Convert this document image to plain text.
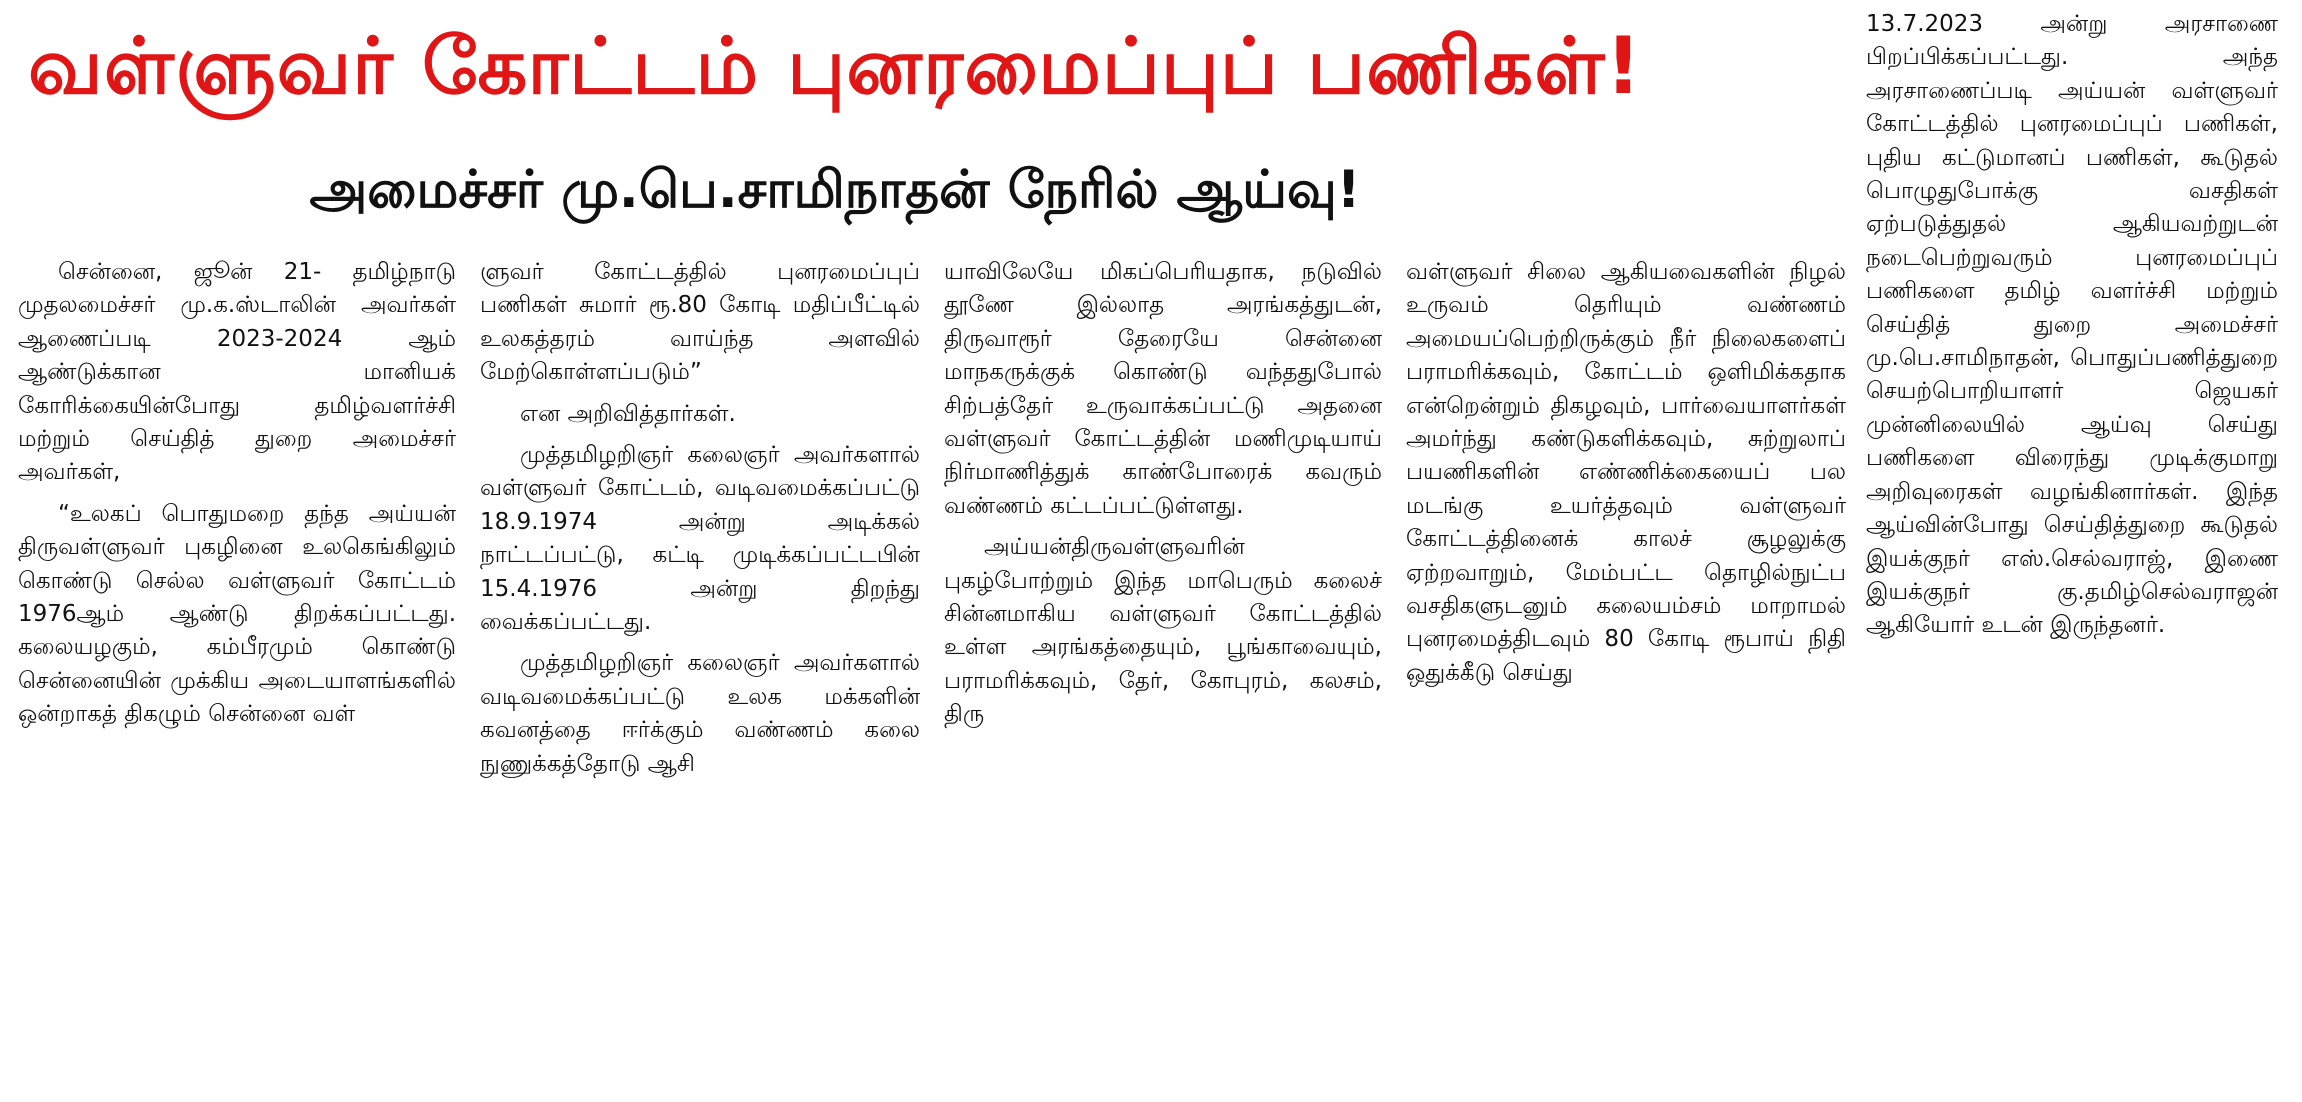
வள்ளுவர் கோட்டம் புனரமைப்புப் பணிகள்!
அமைச்சர் மு.பெ.சாமிநாதன் நேரில் ஆய்வு!

சென்னை, ஜூன் 21- தமிழ்நாடு முதலமைச்சர் மு.க.ஸ்டாலின் அவர்கள் ஆணைப்படி 2023-2024 ஆம் ஆண்டுக்கான மானியக் கோரிக்கையின்போது தமிழ்வளர்ச்சி மற்றும் செய்தித் துறை அமைச்சர் அவர்கள்,

“உலகப் பொதுமறை தந்த அய்யன் திருவள்ளுவர் புகழினை உலகெங்கிலும் கொண்டு செல்ல வள்ளுவர் கோட்டம் 1976ஆம் ஆண்டு திறக்கப்பட்டது. கலையழகும், கம்பீரமும் கொண்டு சென்னையின் முக்கிய அடையாளங்களில் ஒன்றாகத் திகழும் சென்னை வள்

ளுவர் கோட்டத்தில் புனரமைப்புப் பணிகள் சுமார் ரூ.80 கோடி மதிப்பீட்டில் உலகத்தரம் வாய்ந்த அளவில் மேற்கொள்ளப்படும்”

என அறிவித்தார்கள்.

முத்தமிழறிஞர் கலைஞர் அவர்களால் வள்ளுவர் கோட்டம், வடிவமைக்கப்பட்டு 18.9.1974 அன்று அடிக்கல் நாட்டப்பட்டு, கட்டி முடிக்கப்பட்டபின் 15.4.1976 அன்று திறந்து வைக்கப்பட்டது.

முத்தமிழறிஞர் கலைஞர் அவர்களால் வடிவமைக்கப்பட்டு உலக மக்களின் கவனத்தை ஈர்க்கும் வண்ணம் கலை நுணுக்கத்தோடு ஆசி

யாவிலேயே மிகப்பெரியதாக, நடுவில் தூணே இல்லாத அரங்கத்துடன், திருவாரூர் தேரையே சென்னை மாநகருக்குக் கொண்டு வந்ததுபோல் சிற்பத்தேர் உருவாக்கப்பட்டு அதனை வள்ளுவர் கோட்டத்தின் மணிமுடியாய் நிர்மாணித்துக் காண்போரைக் கவரும் வண்ணம் கட்டப்பட்டுள்ளது.

அய்யன்திருவள்ளுவரின் புகழ்போற்றும் இந்த மாபெரும் கலைச் சின்னமாகிய வள்ளுவர் கோட்டத்தில் உள்ள அரங்கத்தையும், பூங்காவையும், பராமரிக்கவும், தேர், கோபுரம், கலசம், திரு

வள்ளுவர் சிலை ஆகியவைகளின் நிழல் உருவம் தெரியும் வண்ணம் அமையப்பெற்றிருக்கும் நீர் நிலைகளைப் பராமரிக்கவும், கோட்டம் ஒளிமிக்கதாக என்றென்றும் திகழவும், பார்வையாளர்கள் அமர்ந்து கண்டுகளிக்கவும், சுற்றுலாப் பயணிகளின் எண்ணிக்கையைப் பல மடங்கு உயர்த்தவும் வள்ளுவர் கோட்டத்தினைக் காலச் சூழலுக்கு ஏற்றவாறும், மேம்பட்ட தொழில்நுட்ப வசதிகளுடனும் கலையம்சம் மாறாமல் புனரமைத்திடவும் 80 கோடி ரூபாய் நிதி ஒதுக்கீடு செய்து

13.7.2023 அன்று அரசாணை பிறப்பிக்கப்பட்டது. அந்த அரசாணைப்படி அய்யன் வள்ளுவர் கோட்டத்தில் புனரமைப்புப் பணிகள், புதிய கட்டுமானப் பணிகள், கூடுதல் பொழுதுபோக்கு வசதிகள் ஏற்படுத்துதல் ஆகியவற்றுடன் நடைபெற்றுவரும் புனரமைப்புப் பணிகளை தமிழ் வளர்ச்சி மற்றும் செய்தித் துறை அமைச்சர் மு.பெ.சாமிநாதன், பொதுப்பணித்துறை செயற்பொறியாளர் ஜெயகர் முன்னிலையில் ஆய்வு செய்து பணிகளை விரைந்து முடிக்குமாறு அறிவுரைகள் வழங்கினார்கள். இந்த ஆய்வின்போது செய்தித்துறை கூடுதல் இயக்குநர் எஸ்.செல்வராஜ், இணை இயக்குநர் கு.தமிழ்செல்வராஜன் ஆகியோர் உடன் இருந்தனர்.
